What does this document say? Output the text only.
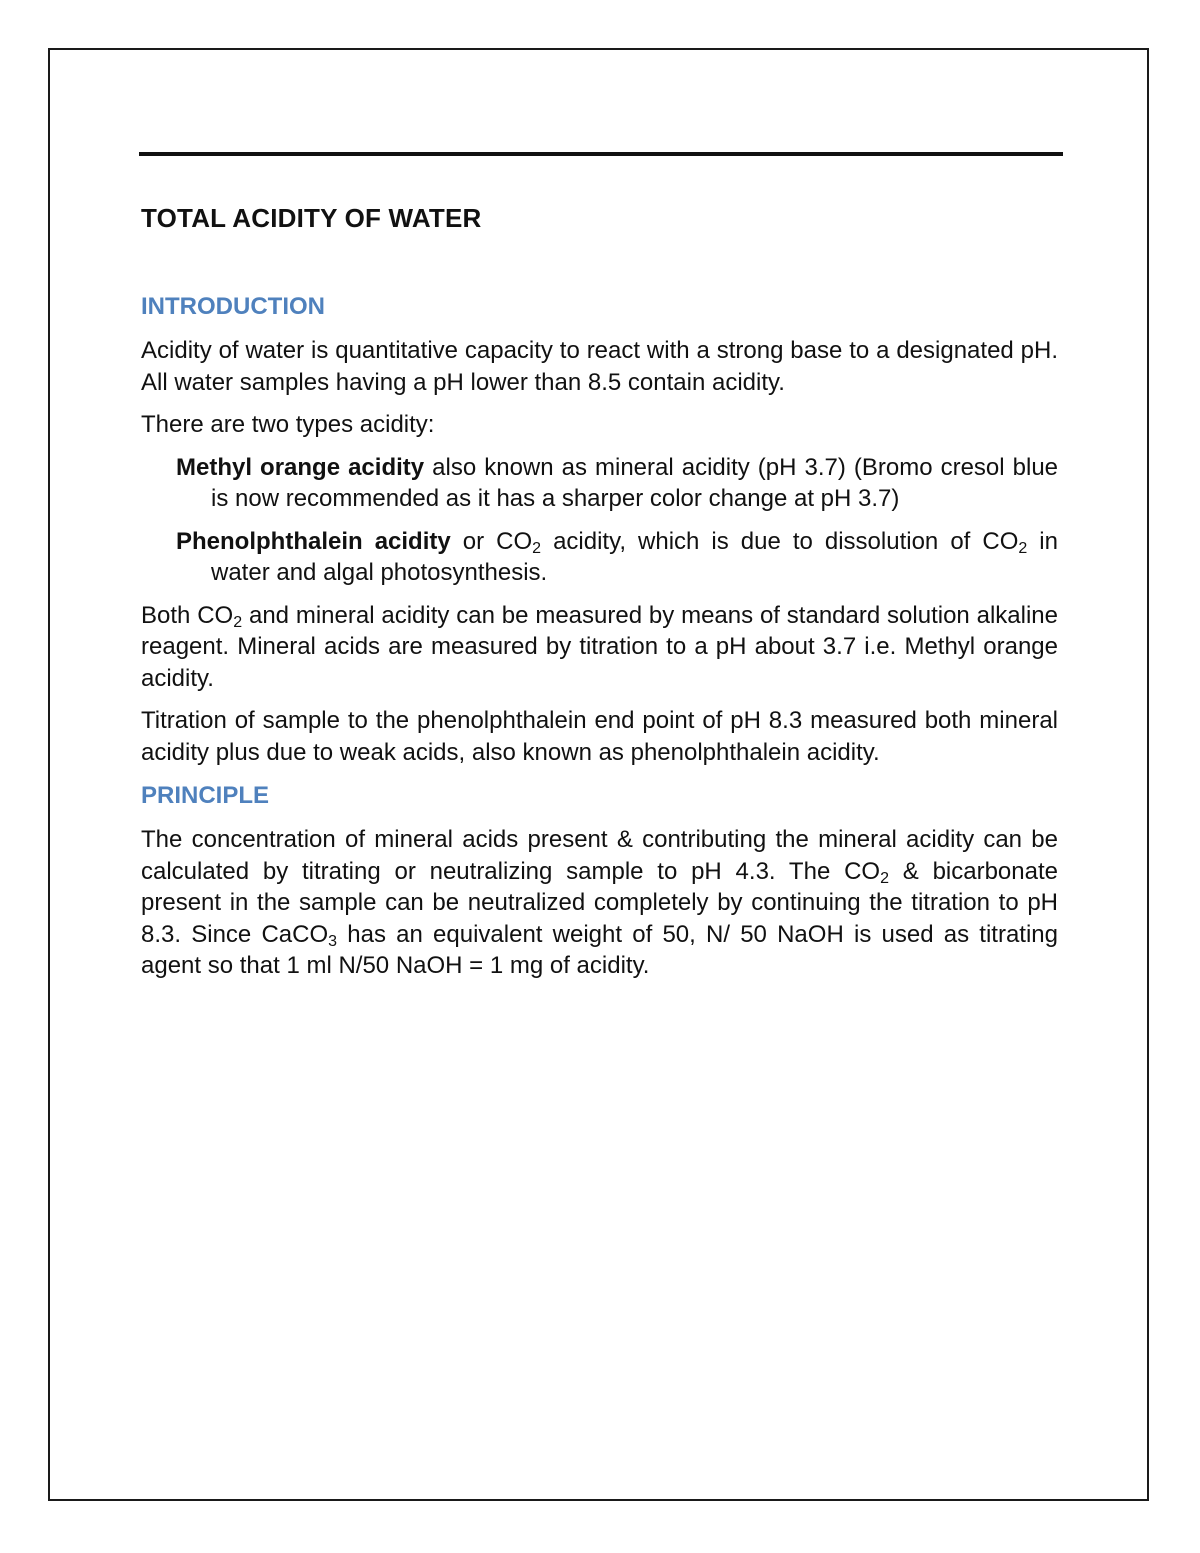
TOTAL ACIDITY OF WATER
INTRODUCTION

Acidity of water is quantitative capacity to react with a strong base to a designated pH. All water samples having a pH lower than 8.5 contain acidity.

There are two types acidity:

Methyl orange acidity also known as mineral acidity (pH 3.7) (Bromo cresol blue is now recommended as it has a sharper color change at pH 3.7)

Phenolphthalein acidity or $CO_2$ acidity, which is due to dissolution of $CO_2$ in water and algal photosynthesis.

Both $CO_2$ and mineral acidity can be measured by means of standard solution alkaline reagent. Mineral acids are measured by titration to a pH about 3.7 i.e. Methyl orange acidity.

Titration of sample to the phenolphthalein end point of pH 8.3 measured both mineral acidity plus due to weak acids, also known as phenolphthalein acidity.

PRINCIPLE

The concentration of mineral acids present & contributing the mineral acidity can be calculated by titrating or neutralizing sample to pH 4.3. The $CO_2$ & bicarbonate present in the sample can be neutralized completely by continuing the titration to pH 8.3. Since CaCO$_3$ has an equivalent weight of 50, N/ 50 NaOH is used as titrating agent so that 1 ml N/50 NaOH = 1 mg of acidity.
